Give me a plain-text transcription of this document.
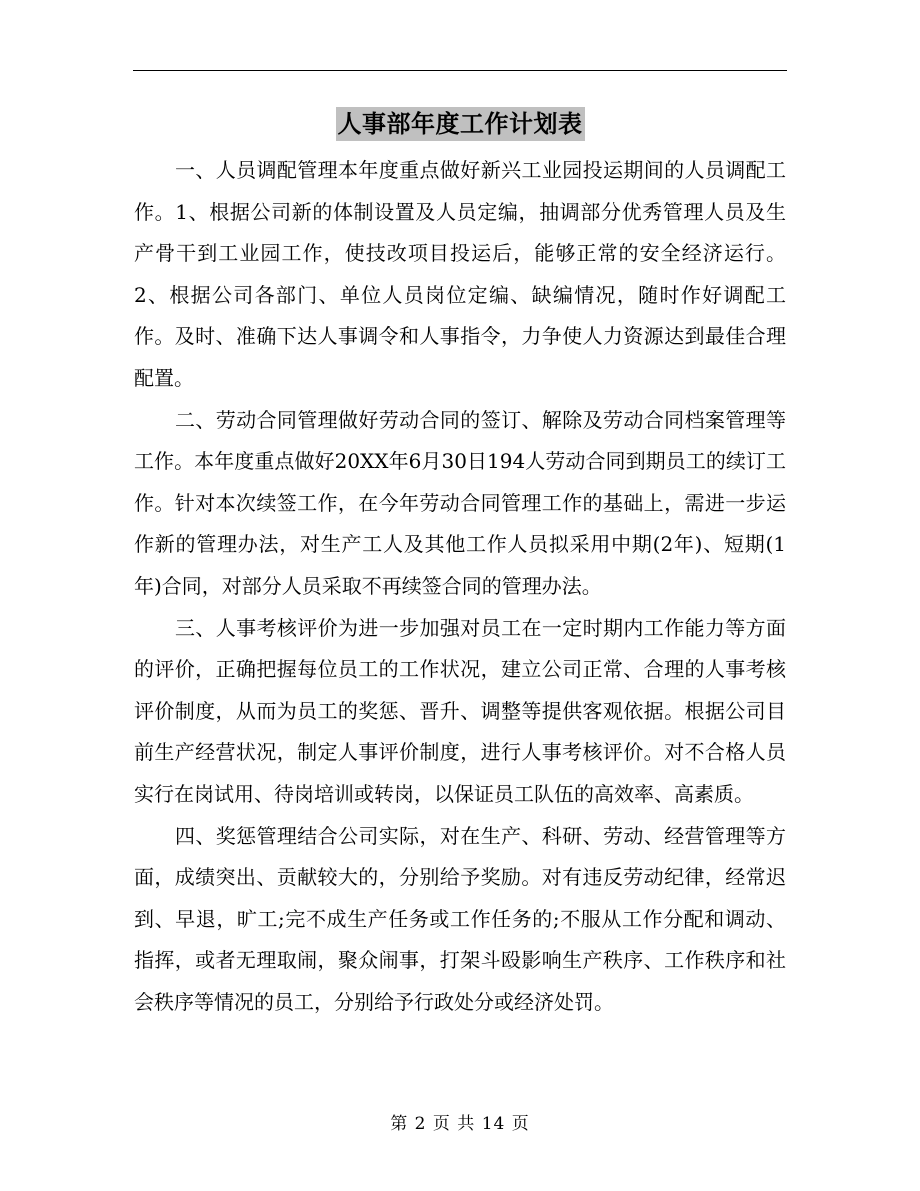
人事部年度工作计划表

一、人员调配管理本年度重点做好新兴工业园投运期间的人员调配工作。1、根据公司新的体制设置及人员定编，抽调部分优秀管理人员及生产骨干到工业园工作，使技改项目投运后，能够正常的安全经济运行。2、根据公司各部门、单位人员岗位定编、缺编情况，随时作好调配工作。及时、准确下达人事调令和人事指令，力争使人力资源达到最佳合理配置。

二、劳动合同管理做好劳动合同的签订、解除及劳动合同档案管理等工作。本年度重点做好20XX年6月30日194人劳动合同到期员工的续订工作。针对本次续签工作，在今年劳动合同管理工作的基础上，需进一步运作新的管理办法，对生产工人及其他工作人员拟采用中期(2年)、短期(1年)合同，对部分人员采取不再续签合同的管理办法。

三、人事考核评价为进一步加强对员工在一定时期内工作能力等方面的评价，正确把握每位员工的工作状况，建立公司正常、合理的人事考核评价制度，从而为员工的奖惩、晋升、调整等提供客观依据。根据公司目前生产经营状况，制定人事评价制度，进行人事考核评价。对不合格人员实行在岗试用、待岗培训或转岗，以保证员工队伍的高效率、高素质。

四、奖惩管理结合公司实际，对在生产、科研、劳动、经营管理等方面，成绩突出、贡献较大的，分别给予奖励。对有违反劳动纪律，经常迟到、早退，旷工;完不成生产任务或工作任务的;不服从工作分配和调动、指挥，或者无理取闹，聚众闹事，打架斗殴影响生产秩序、工作秩序和社会秩序等情况的员工，分别给予行政处分或经济处罚。

第 2 页 共 14 页
